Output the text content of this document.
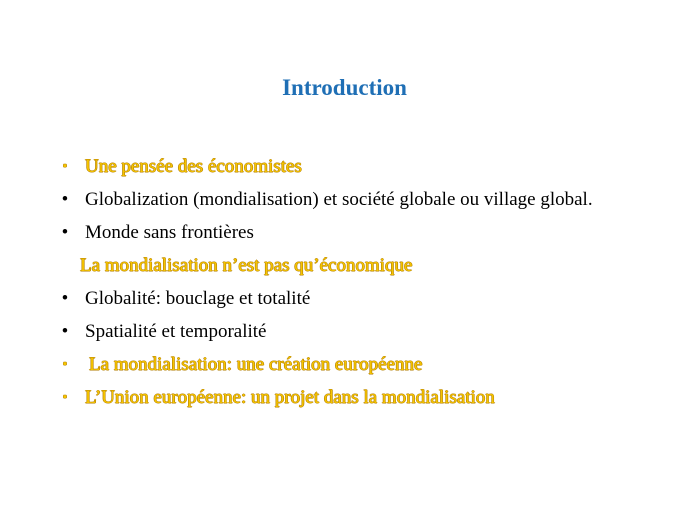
Introduction
▪ Une pensée des économistes
• Globalization (mondialisation) et société globale ou village global.
• Monde sans frontières
La mondialisation n’est pas qu’économique
• Globalité: bouclage et totalité
• Spatialité et temporalité
▪	La mondialisation: une création européenne
▪ L’Union européenne: un projet dans la mondialisation
